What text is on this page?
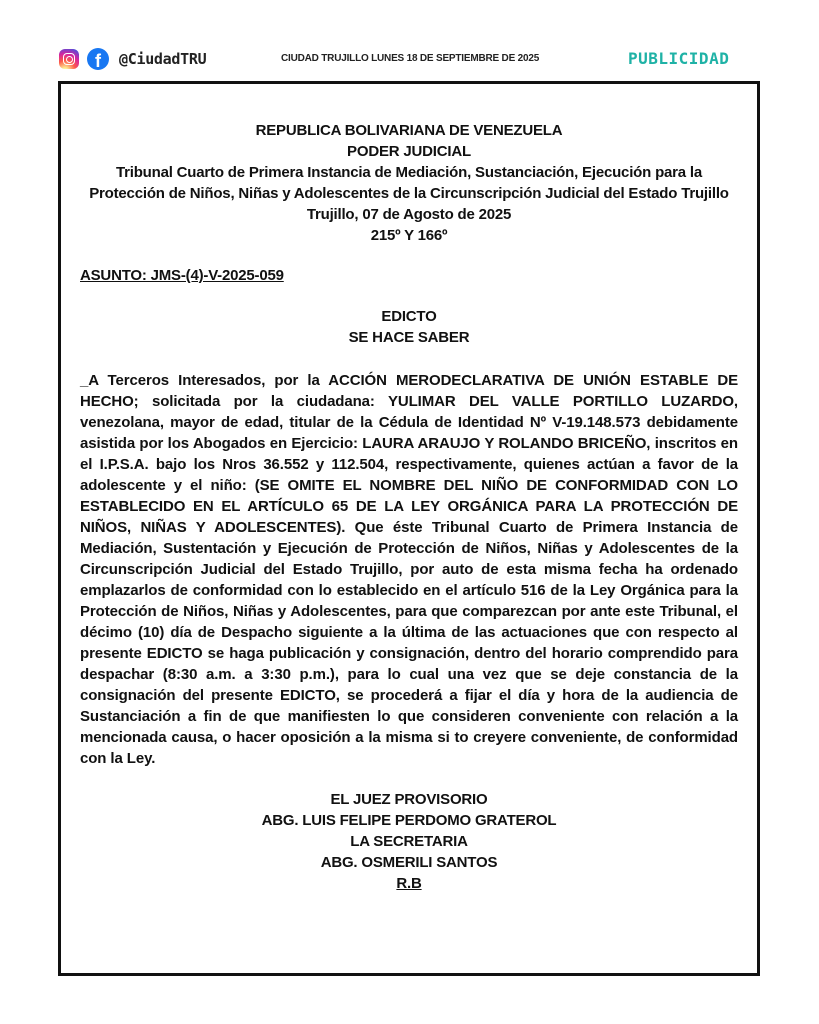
f	@CiudadTRU	CIUDAD TRUJILLO LUNES 18 DE SEPTIEMBRE DE 2025	PUBLICIDAD
REPUBLICA BOLIVARIANA DE VENEZUELA
PODER JUDICIAL
Tribunal Cuarto de Primera Instancia de Mediación, Sustanciación, Ejecución para la Protección de Niños, Niñas y Adolescentes de la Circunscripción Judicial del Estado Trujillo
Trujillo, 07 de Agosto de 2025
215º Y 166º
ASUNTO: JMS-(4)-V-2025-059
EDICTO
SE HACE SABER
_A Terceros Interesados, por la ACCIÓN MERODECLARATIVA DE UNIÓN ESTABLE DE HECHO; solicitada por la ciudadana: YULIMAR DEL VALLE PORTILLO LUZARDO, venezolana, mayor de edad, titular de la Cédula de Identidad Nº V-19.148.573 debidamente asistida por los Abogados en Ejercicio: LAURA ARAUJO Y ROLANDO BRICEÑO, inscritos en el I.P.S.A. bajo los Nros 36.552 y 112.504, respectivamente, quienes actúan a favor de la adolescente y el niño: (SE OMITE EL NOMBRE DEL NIÑO DE CONFORMIDAD CON LO ESTABLECIDO EN EL ARTÍCULO 65 DE LA LEY ORGÁNICA PARA LA PROTECCIÓN DE NIÑOS, NIÑAS Y ADOLESCENTES). Que éste Tribunal Cuarto de Primera Instancia de Mediación, Sustentación y Ejecución de Protección de Niños, Niñas y Adolescentes de la Circunscripción Judicial del Estado Trujillo, por auto de esta misma fecha ha ordenado emplazarlos de conformidad con lo establecido en el artículo 516 de la Ley Orgánica para la Protección de Niños, Niñas y Adolescentes, para que comparezcan por ante este Tribunal, el décimo (10) día de Despacho siguiente a la última de las actuaciones que con respecto al presente EDICTO se haga publicación y consignación, dentro del horario comprendido para despachar (8:30 a.m. a 3:30 p.m.), para lo cual una vez que se deje constancia de la consignación del presente EDICTO, se procederá a fijar el día y hora de la audiencia de Sustanciación a fin de que manifiesten lo que consideren conveniente con relación a la mencionada causa, o hacer oposición a la misma si to creyere conveniente, de conformidad con la Ley.
EL JUEZ PROVISORIO
ABG. LUIS FELIPE PERDOMO GRATEROL
LA SECRETARIA
ABG. OSMERILI SANTOS
R.B
